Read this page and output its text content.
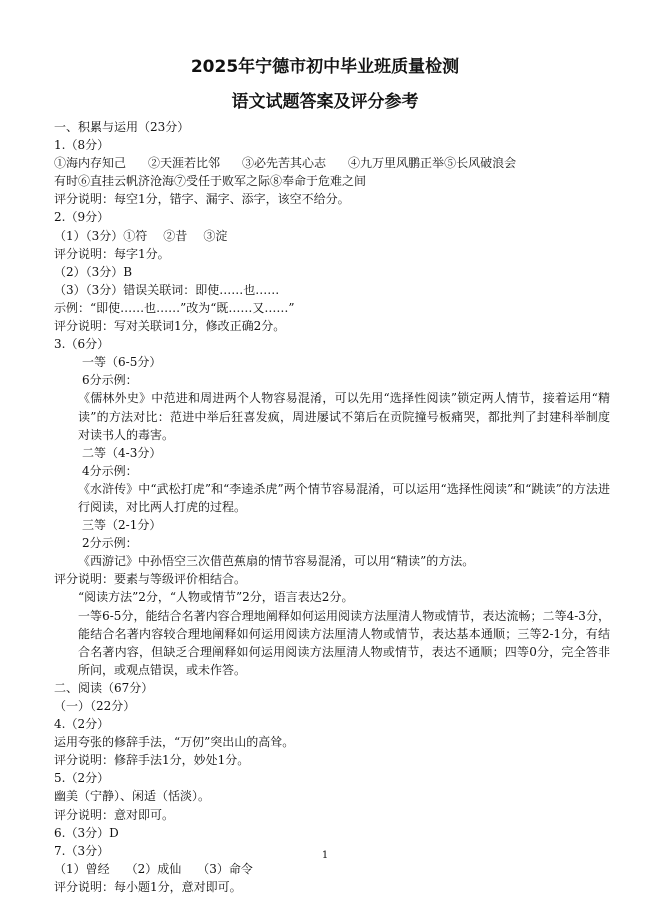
2025年宁德市初中毕业班质量检测
语文试题答案及评分参考
一、积累与运用（23分）
1.（8分）
①海内存知己 ②天涯若比邻 ③必先苦其心志 ④九万里风鹏正举⑤长风破浪会
有时⑥直挂云帆济沧海⑦受任于败军之际⑧奉命于危难之间
评分说明：每空1分，错字、漏字、添字，该空不给分。
2.（9分）
（1）（3分）①符 ②昔 ③淀
评分说明：每字1分。
（2）（3分）B
（3）（3分）错误关联词：即使……也……
示例：“即使……也……”改为“既……又……”
评分说明：写对关联词1分，修改正确2分。
3.（6分）
一等（6-5分）
6分示例：
《儒林外史》中范进和周进两个人物容易混淆，可以先用“选择性阅读”锁定两人情节，接着运用“精读”的方法对比：范进中举后狂喜发疯，周进屡试不第后在贡院撞号板痛哭，都批判了封建科举制度对读书人的毒害。
二等（4-3分）
4分示例：
《水浒传》中“武松打虎”和“李逵杀虎”两个情节容易混淆，可以运用“选择性阅读”和“跳读”的方法进行阅读，对比两人打虎的过程。
三等（2-1分）
2分示例：
《西游记》中孙悟空三次借芭蕉扇的情节容易混淆，可以用“精读”的方法。
评分说明：要素与等级评价相结合。
“阅读方法”2分，“人物或情节”2分，语言表达2分。
一等6-5分，能结合名著内容合理地阐释如何运用阅读方法厘清人物或情节，表达流畅；二等4-3分，能结合名著内容较合理地阐释如何运用阅读方法厘清人物或情节，表达基本通顺；三等2-1分，有结合名著内容，但缺乏合理阐释如何运用阅读方法厘清人物或情节，表达不通顺；四等0分，完全答非所问，或观点错误，或未作答。
二、阅读（67分）
（一）（22分）
4.（2分）
运用夸张的修辞手法，“万仞”突出山的高耸。
评分说明：修辞手法1分，妙处1分。
5.（2分）
幽美（宁静）、闲适（恬淡）。
评分说明：意对即可。
6.（3分）D
7.（3分）
（1）曾经 （2）成仙 （3）命令
评分说明：每小题1分，意对即可。
1
